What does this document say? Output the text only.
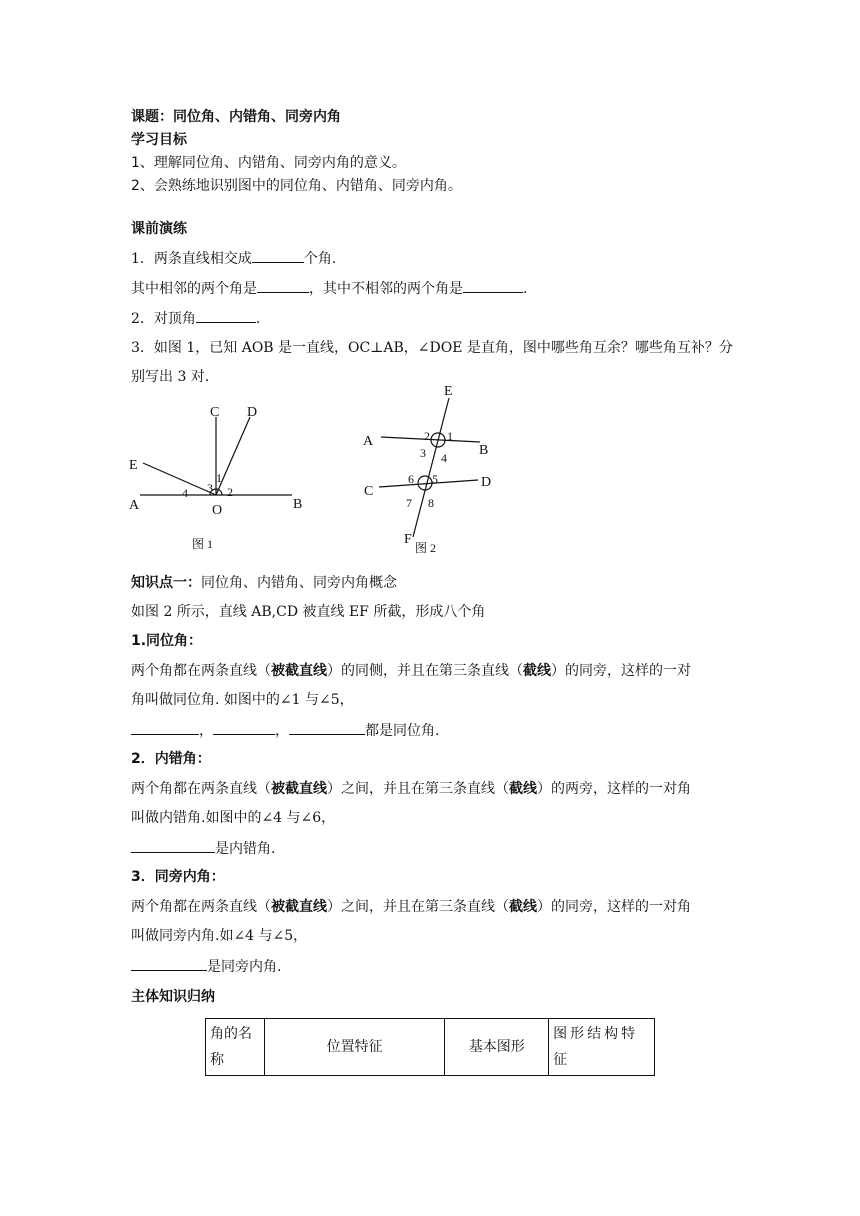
课题：同位角、内错角、同旁内角
学习目标
1、理解同位角、内错角、同旁内角的意义。
2、会熟练地识别图中的同位角、内错角、同旁内角。
课前演练
1．两条直线相交成	个角.
其中相邻的两个角是	，其中不相邻的两个角是	.
2．对顶角	.
3．如图 1，已知 AOB 是一直线，OC⊥AB，∠DOE 是直角，图中哪些角互余？哪些角互补？分
别写出 3 对.
A	B
C D
E
O
1
2
3
4
图 1
E
A
B
C
D
F
1
2
3 4
5
6
7 8
图 2
知识点一：同位角、内错角、同旁内角概念
如图 2 所示，直线 AB,CD 被直线 EF 所截，形成八个角
1.同位角：
两个角都在两条直线（被截直线）的同侧，并且在第三条直线（截线）的同旁，这样的一对
角叫做同位角. 如图中的∠1 与∠5，
，	，	都是同位角.
2．内错角：
两个角都在两条直线（被截直线）之间，并且在第三条直线（截线）的两旁，这样的一对角
叫做内错角.如图中的∠4 与∠6，
是内错角.
3．同旁内角：
两个角都在两条直线（被截直线）之间，并且在第三条直线（截线）的同旁，这样的一对角
叫做同旁内角.如∠4 与∠5，
是同旁内角.
主体知识归纳
角的名称	位置特征	基本图形	图形结构特征
